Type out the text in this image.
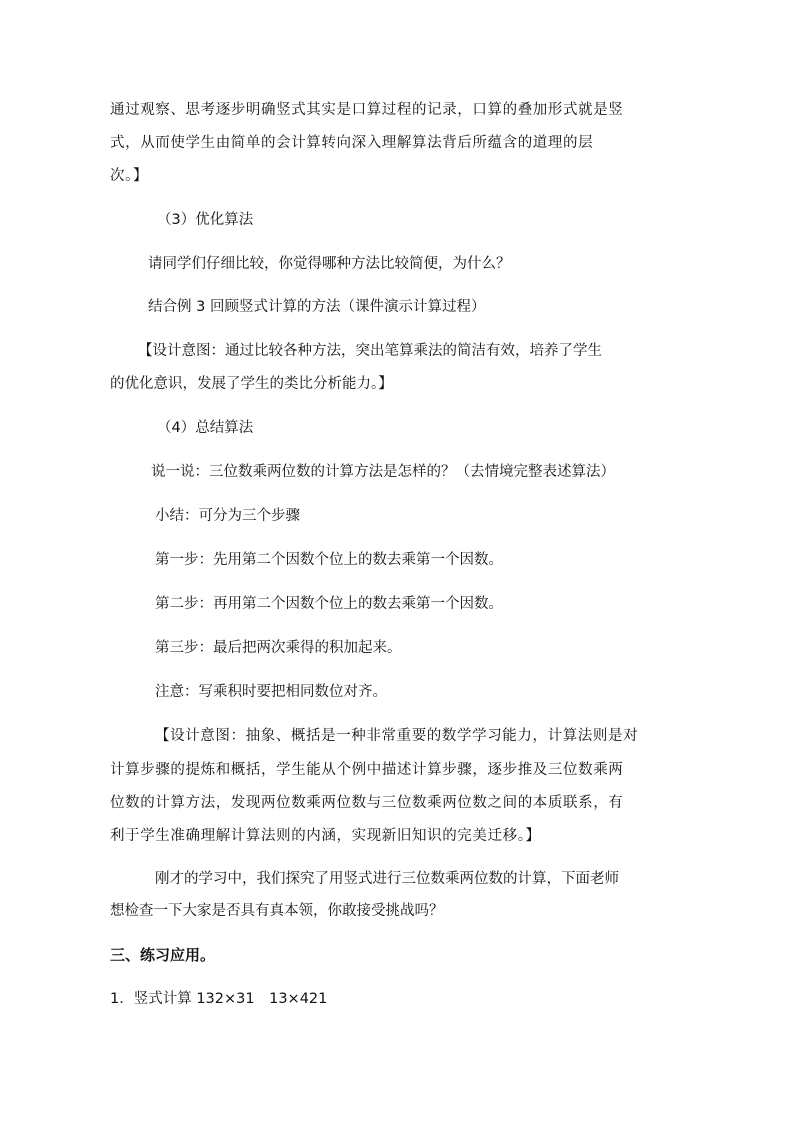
通过观察、思考逐步明确竖式其实是口算过程的记录，口算的叠加形式就是竖

式，从而使学生由简单的会计算转向深入理解算法背后所蕴含的道理的层

次。】

（3）优化算法

请同学们仔细比较，你觉得哪种方法比较简便，为什么？

结合例 3 回顾竖式计算的方法（课件演示计算过程）

【设计意图：通过比较各种方法，突出笔算乘法的简洁有效，培养了学生

的优化意识，发展了学生的类比分析能力。】

（4）总结算法

说一说：三位数乘两位数的计算方法是怎样的？（去情境完整表述算法）

小结：可分为三个步骤

第一步：先用第二个因数个位上的数去乘第一个因数。

第二步：再用第二个因数个位上的数去乘第一个因数。

第三步：最后把两次乘得的积加起来。

注意：写乘积时要把相同数位对齐。

【设计意图：抽象、概括是一种非常重要的数学学习能力，计算法则是对

计算步骤的提炼和概括，学生能从个例中描述计算步骤，逐步推及三位数乘两

位数的计算方法，发现两位数乘两位数与三位数乘两位数之间的本质联系，有

利于学生准确理解计算法则的内涵，实现新旧知识的完美迁移。】

刚才的学习中，我们探究了用竖式进行三位数乘两位数的计算，下面老师

想检查一下大家是否具有真本领，你敢接受挑战吗？

三、练习应用。

1．竖式计算 132×31　13×421
